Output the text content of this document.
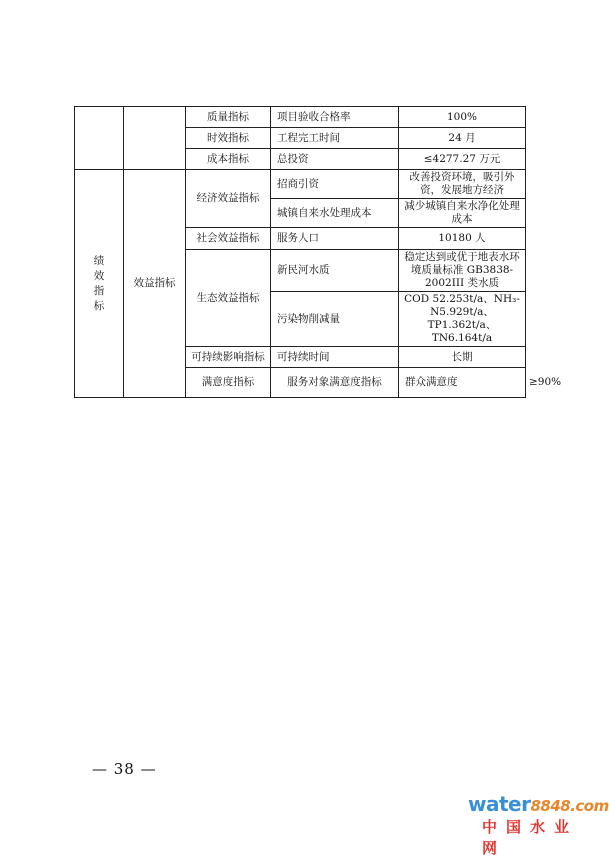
		质量指标	项目验收合格率	100%	
		时效指标	工程完工时间	24 月	
		成本指标	总投资	≤4277.27 万元	
绩效指标	效益指标	经济效益指标	招商引资	改善投资环境，吸引外资，发展地方经济	
			城镇自来水处理成本	减少城镇自来水净化处理成本	
		社会效益指标	服务人口	10180 人	
		生态效益指标	新民河水质	稳定达到或优于地表水环境质量标准 GB3838-2002III 类水质	
			污染物削减量	COD 52.253t/a、NH₃-N5.929t/a、TP1.362t/a、TN6.164t/a	
		可持续影响指标	可持续时间	长期	
		满意度指标	服务对象满意度指标	群众满意度	≥90%
— 38 —
water8848.com
中国水业网
